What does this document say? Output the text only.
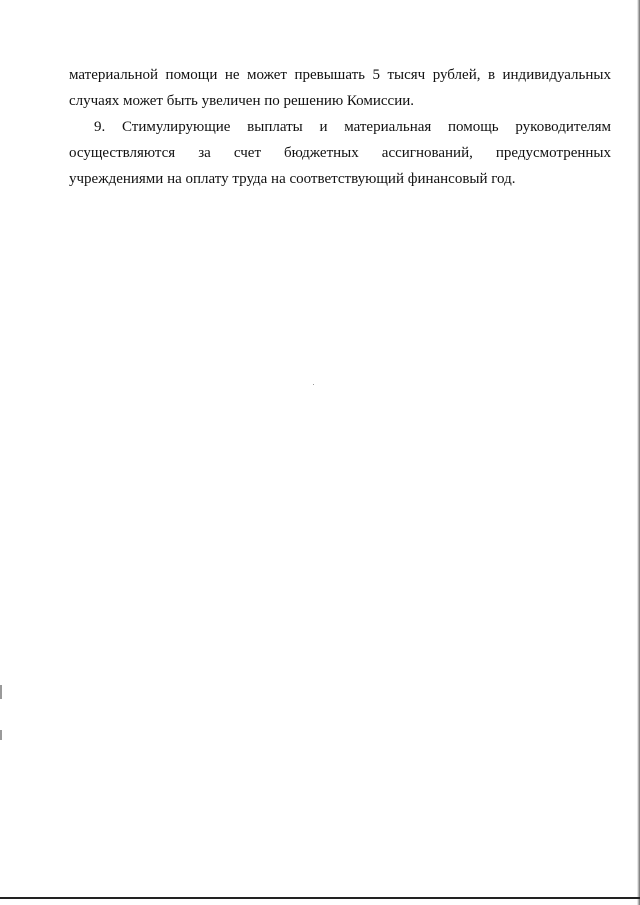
материальной помощи не может превышать 5 тысяч рублей, в индивидуальных случаях может быть увеличен по решению Комиссии.

9. Стимулирующие выплаты и материальная помощь руководителям осуществляются за счет бюджетных ассигнований, предусмотренных учреждениями на оплату труда на соответствующий финансовый год.
